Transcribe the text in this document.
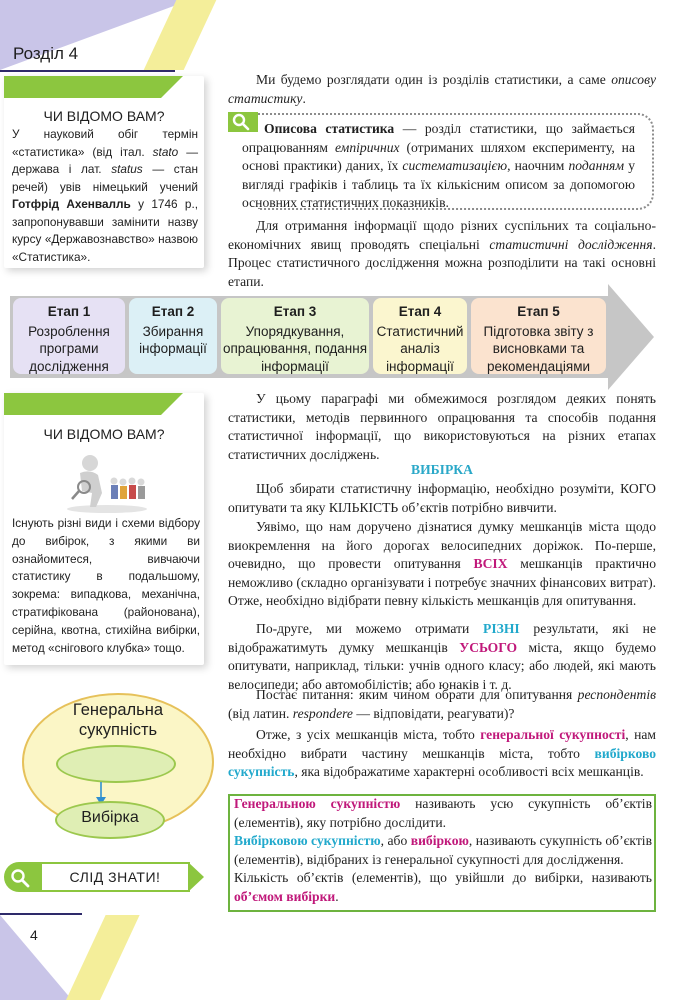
Розділ 4
ЧИ ВІДОМО ВАМ?
У науковий обіг термін «статистика» (від італ. stato — держава і лат. status — стан речей) увів німецький учений Готфрід Ахенвалль у 1746 р., запропонувавши замінити назву курсу «Державознавство» назвою «Статистика».
Ми будемо розглядати один із розділів статистики, а саме описову статистику.
Описова статистика — розділ статистики, що займається опрацюванням емпіричних (отриманих шляхом експерименту, на основі практики) даних, їх систематизацією, наочним поданням у вигляді графіків і таблиць та їх кількісним описом за допомогою основних статистичних показників.
Для отримання інформації щодо різних суспільних та соціально-економічних явищ проводять спеціальні статистичні дослідження. Процес статистичного дослідження можна розподілити на такі основні етапи.
Етап 1
Розроблення програми дослідження
Етап 2
Збирання інформації
Етап 3
Упорядкування, опрацювання, подання інформації
Етап 4
Статистичний аналіз інформації
Етап 5
Підготовка звіту з висновками та рекомендаціями
ЧИ ВІДОМО ВАМ?
Існують різні види і схеми відбору до вибірок, з якими ви ознайомитеся, вивчаючи статистику в подальшому, зокрема: випадкова, механічна, стратифікована (районована), серійна, квотна, стихійна вибірки, метод «снігового клубка» тощо.
У цьому параграфі ми обмежимося розглядом деяких понять статистики, методів первинного опрацювання та способів подання статистичної інформації, що використовуються на різних етапах статистичних досліджень.
ВИБІРКА
Щоб збирати статистичну інформацію, необхідно розуміти, КОГО опитувати та яку КІЛЬКІСТЬ об’єктів потрібно вивчити.
Уявімо, що нам доручено дізнатися думку мешканців міста щодо виокремлення на його дорогах велосипедних доріжок. По-перше, очевидно, що провести опитування ВСІХ мешканців практично неможливо (складно організувати і потребує значних фінансових витрат). Отже, необхідно відібрати певну кількість мешканців для опитування.
По-друге, ми можемо отримати РІЗНІ результати, які не відображатимуть думку мешканців УСЬОГО міста, якщо будемо опитувати, наприклад, тільки: учнів одного класу; або людей, які мають велосипеди; або автомобілістів; або юнаків і т. д.
Постає питання: яким чином обрати для опитування респондентів (від латин. respondere — відповідати, реагувати)?
Отже, з усіх мешканців міста, тобто генеральної сукупності, нам необхідно вибрати частину мешканців міста, тобто вибірково сукупність, яка відображатиме характерні особливості всіх мешканців.
Генеральна сукупність
Вибірка
СЛІД ЗНАТИ!
Генеральною сукупністю називають усю сукупність об’єктів (елементів), яку потрібно дослідити.
Вибірковою сукупністю, або вибіркою, називають сукупність об’єктів (елементів), відібраних із генеральної сукупності для дослідження.
Кількість об’єктів (елементів), що увійшли до вибірки, називають об’ємом вибірки.
4
